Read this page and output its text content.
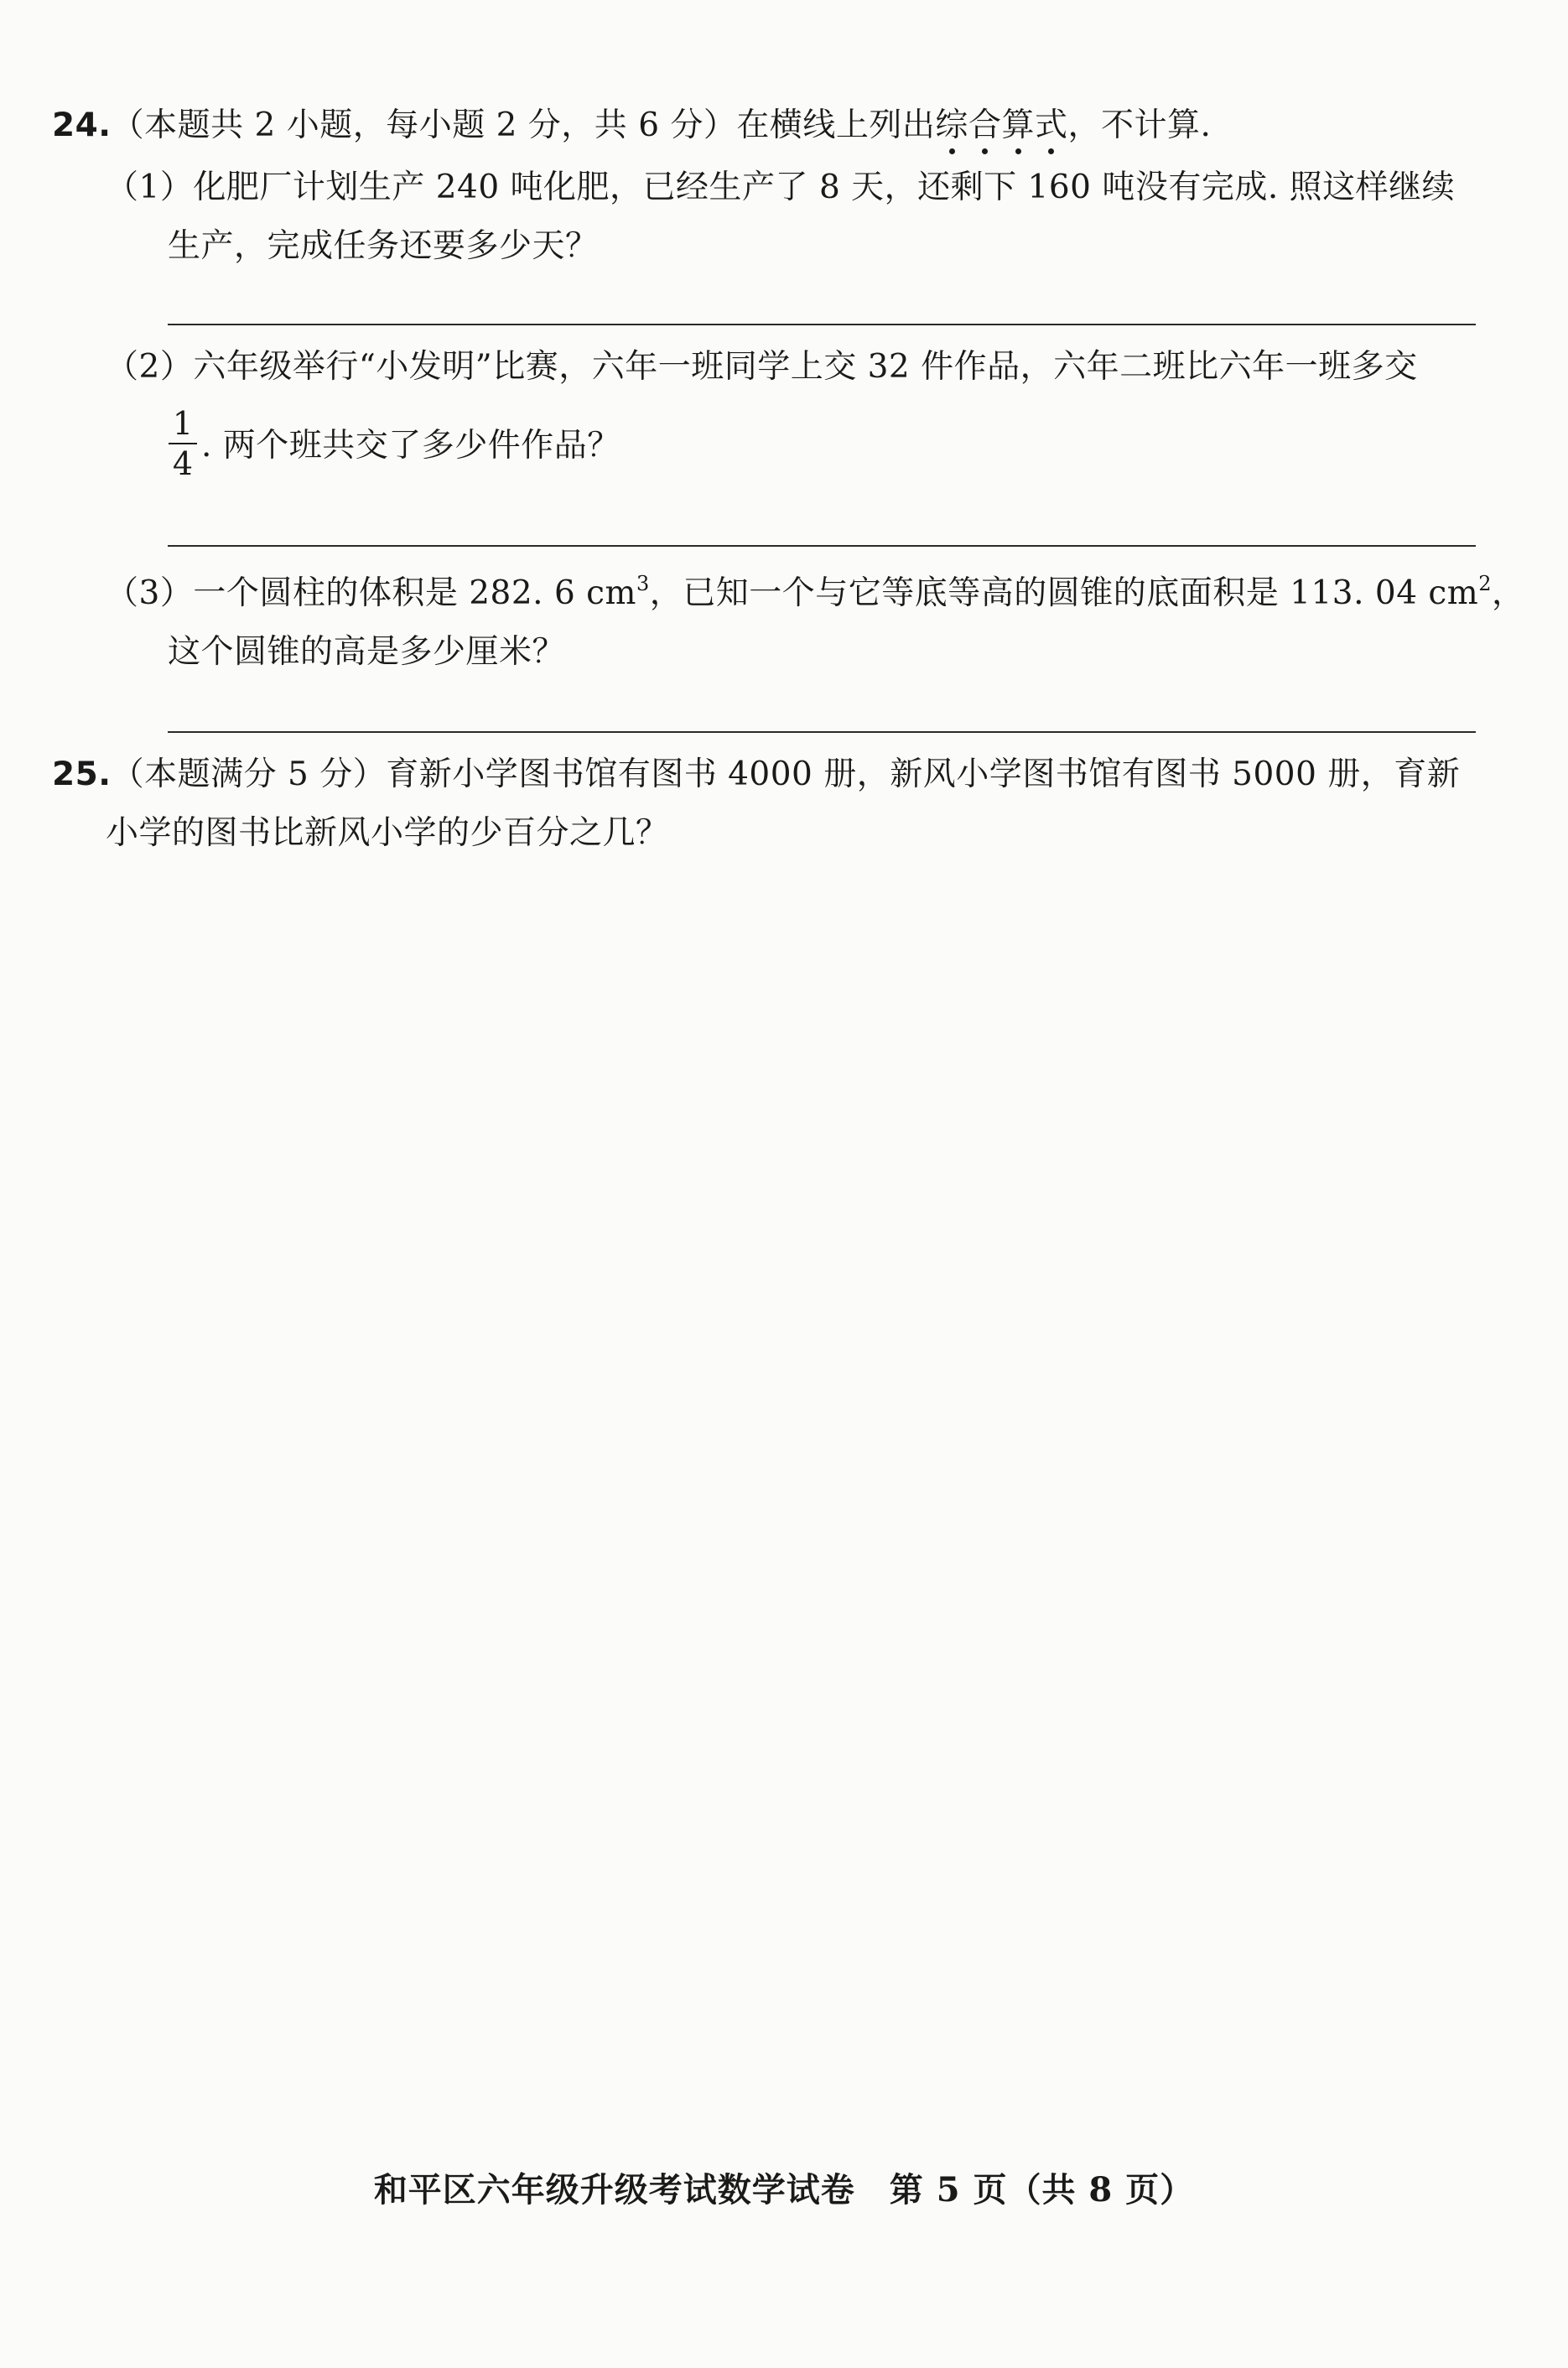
24.（本题共 2 小题，每小题 2 分，共 6 分）在横线上列出综
合
算
式
，不计算.
（1）化肥厂计划生产 240 吨化肥，已经生产了 8 天，还剩下 160 吨没有完成. 照这样继续
生产，完成任务还要多少天？
（2）六年级举行“小发明”比赛，六年一班同学上交 32 件作品，六年二班比六年一班多交
1
4 . 两个班共交了多少件作品？
（3）一个圆柱的体积是 282. 6 $cm^3$，已知一个与它等底等高的圆锥的底面积是 113. 04 $cm^2$，
这个圆锥的高是多少厘米？
25.（本题满分 5 分）育新小学图书馆有图书 4000 册，新风小学图书馆有图书 5000 册，育新
小学的图书比新风小学的少百分之几？
和平区六年级升级考试数学试卷　第 5 页（共 8 页）
